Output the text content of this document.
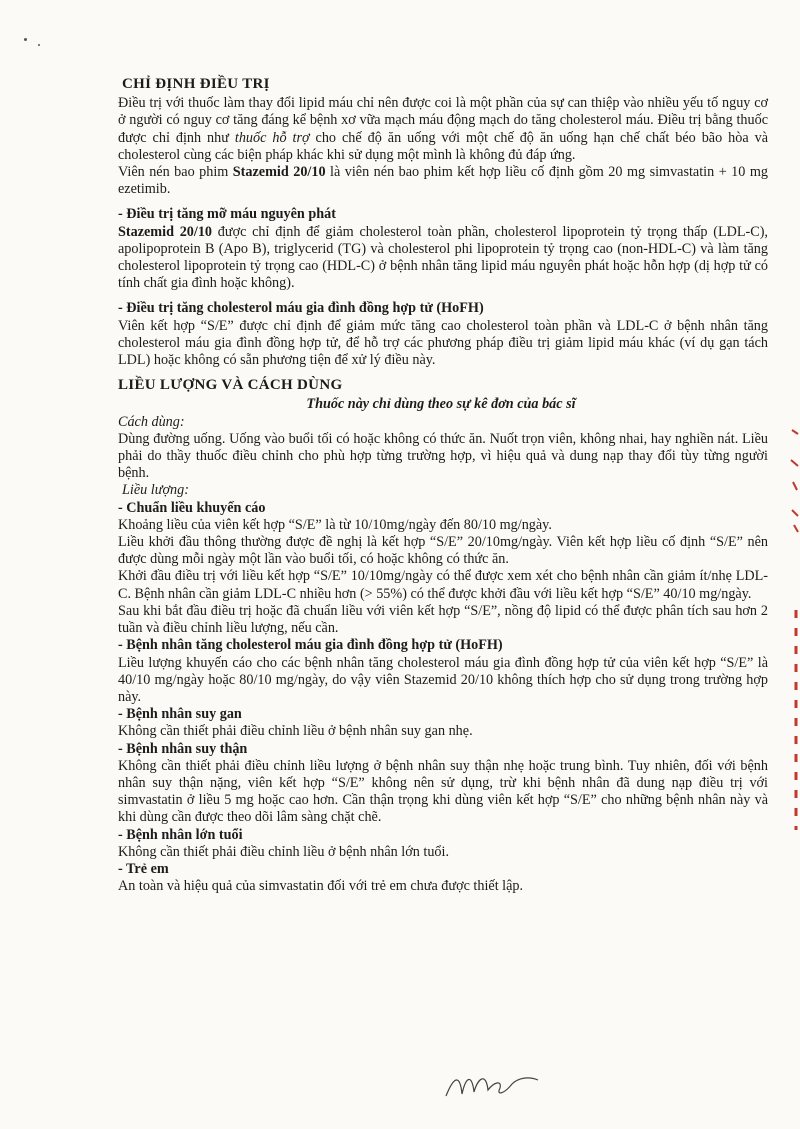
CHỈ ĐỊNH ĐIỀU TRỊ

Điều trị với thuốc làm thay đổi lipid máu chỉ nên được coi là một phần của sự can thiệp vào nhiều yếu tố nguy cơ ở người có nguy cơ tăng đáng kể bệnh xơ vữa mạch máu động mạch do tăng cholesterol máu. Điều trị bằng thuốc được chỉ định như thuốc hỗ trợ cho chế độ ăn uống với một chế độ ăn uống hạn chế chất béo bão hòa và cholesterol cùng các biện pháp khác khi sử dụng một mình là không đủ đáp ứng.

Viên nén bao phim Stazemid 20/10 là viên nén bao phim kết hợp liều cố định gồm 20 mg simvastatin + 10 mg ezetimib.

- Điều trị tăng mỡ máu nguyên phát

Stazemid 20/10 được chỉ định để giảm cholesterol toàn phần, cholesterol lipoprotein tỷ trọng thấp (LDL-C), apolipoprotein B (Apo B), triglycerid (TG) và cholesterol phi lipoprotein tỷ trọng cao (non-HDL-C) và làm tăng cholesterol lipoprotein tỷ trọng cao (HDL-C) ở bệnh nhân tăng lipid máu nguyên phát hoặc hỗn hợp (dị hợp tử có tính chất gia đình hoặc không).

- Điều trị tăng cholesterol máu gia đình đồng hợp tử (HoFH)

Viên kết hợp “S/E” được chỉ định để giảm mức tăng cao cholesterol toàn phần và LDL-C ở bệnh nhân tăng cholesterol máu gia đình đồng hợp tử, để hỗ trợ các phương pháp điều trị giảm lipid máu khác (ví dụ gạn tách LDL) hoặc không có sẵn phương tiện để xử lý điều này.

LIỀU LƯỢNG VÀ CÁCH DÙNG
Thuốc này chỉ dùng theo sự kê đơn của bác sĩ
Cách dùng:

Dùng đường uống. Uống vào buổi tối có hoặc không có thức ăn. Nuốt trọn viên, không nhai, hay nghiền nát. Liều phải do thầy thuốc điều chỉnh cho phù hợp từng trường hợp, vì hiệu quả và dung nạp thay đổi tùy từng người bệnh.

Liều lượng:
- Chuẩn liều khuyến cáo

Khoảng liều của viên kết hợp “S/E” là từ 10/10mg/ngày đến 80/10 mg/ngày.

Liều khởi đầu thông thường được đề nghị là kết hợp “S/E” 20/10mg/ngày. Viên kết hợp liều cố định “S/E” nên được dùng mỗi ngày một lần vào buổi tối, có hoặc không có thức ăn.

Khởi đầu điều trị với liều kết hợp “S/E” 10/10mg/ngày có thể được xem xét cho bệnh nhân cần giảm ít/nhẹ LDL-C. Bệnh nhân cần giảm LDL-C nhiều hơn (> 55%) có thể được khởi đầu với liều kết hợp “S/E” 40/10 mg/ngày.

Sau khi bắt đầu điều trị hoặc đã chuẩn liều với viên kết hợp “S/E”, nồng độ lipid có thể được phân tích sau hơn 2 tuần và điều chỉnh liều lượng, nếu cần.

- Bệnh nhân tăng cholesterol máu gia đình đồng hợp tử (HoFH)

Liều lượng khuyến cáo cho các bệnh nhân tăng cholesterol máu gia đình đồng hợp tử của viên kết hợp “S/E” là 40/10 mg/ngày hoặc 80/10 mg/ngày, do vậy viên Stazemid 20/10 không thích hợp cho sử dụng trong trường hợp này.

- Bệnh nhân suy gan

Không cần thiết phải điều chỉnh liều ở bệnh nhân suy gan nhẹ.

- Bệnh nhân suy thận

Không cần thiết phải điều chỉnh liều lượng ở bệnh nhân suy thận nhẹ hoặc trung bình. Tuy nhiên, đối với bệnh nhân suy thận nặng, viên kết hợp “S/E” không nên sử dụng, trừ khi bệnh nhân đã dung nạp điều trị với simvastatin ở liều 5 mg hoặc cao hơn. Cần thận trọng khi dùng viên kết hợp “S/E” cho những bệnh nhân này và khi dùng cần được theo dõi lâm sàng chặt chẽ.

- Bệnh nhân lớn tuổi

Không cần thiết phải điều chỉnh liều ở bệnh nhân lớn tuổi.

- Trẻ em

An toàn và hiệu quả của simvastatin đối với trẻ em chưa được thiết lập.
